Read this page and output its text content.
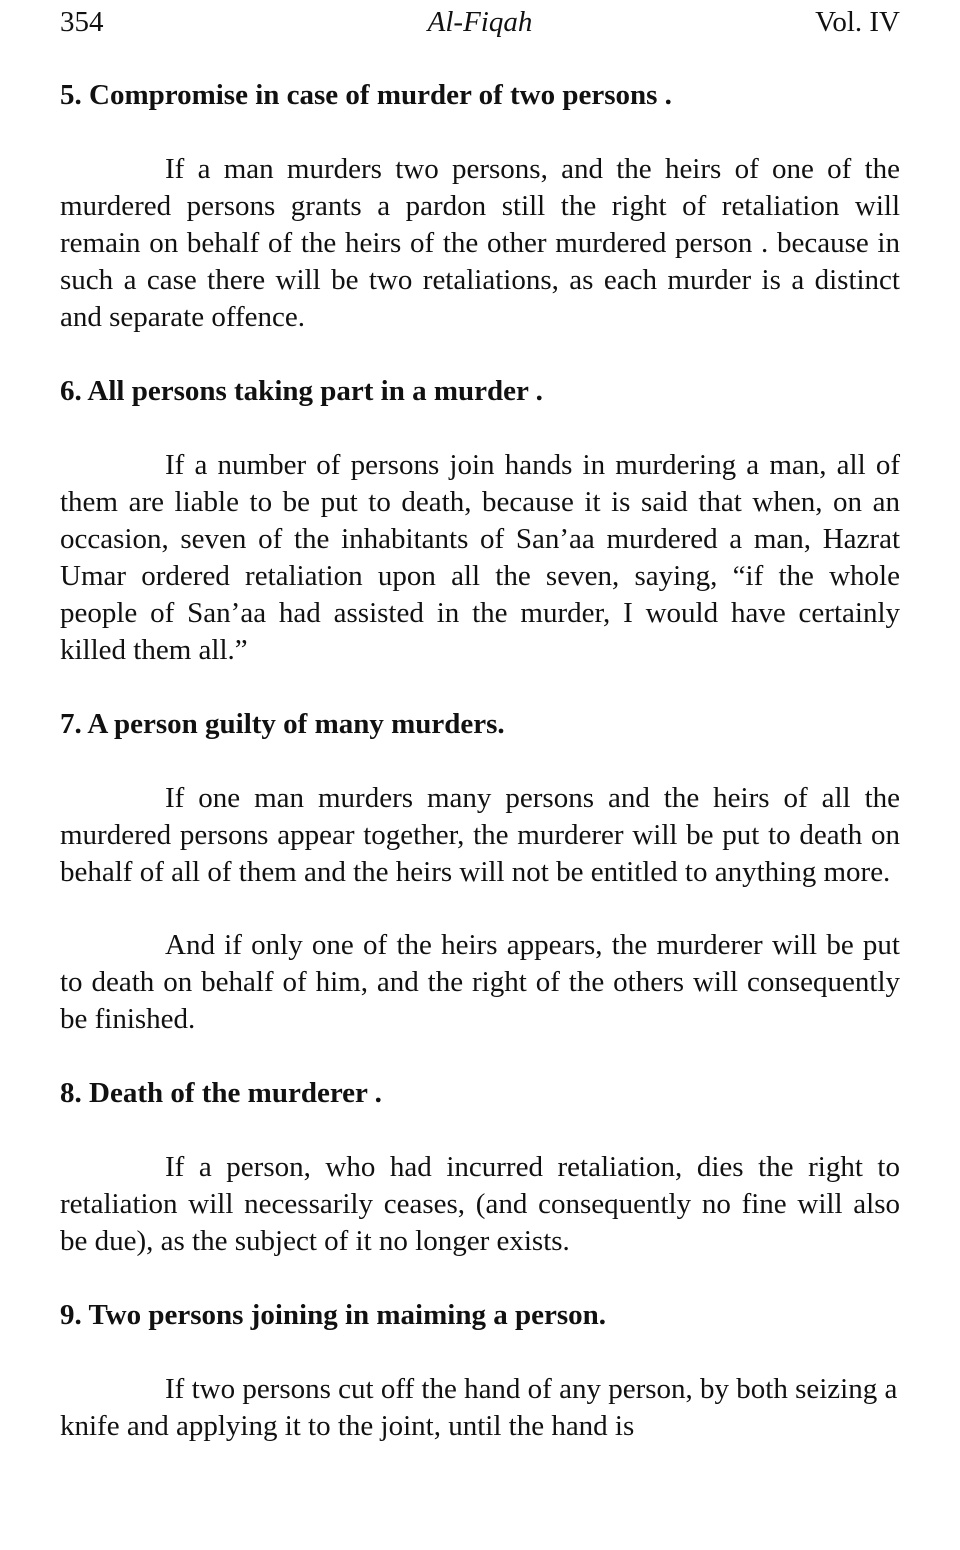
354	Al-Fiqah	Vol. IV
5. Compromise in case of murder of two persons .

If a man murders two persons, and the heirs of one of the murdered persons grants a pardon still the right of retaliation will remain on behalf of the heirs of the other murdered person . because in such a case there will be two retaliations, as each murder is a distinct and separate offence.

6. All persons taking part in a murder .

If a number of persons join hands in murdering a man, all of them are liable to be put to death, because it is said that when, on an occasion, seven of the inhabitants of San’aa murdered a man, Hazrat Umar ordered retaliation upon all the seven, saying, “if the whole people of San’aa had assisted in the murder, I would have certainly killed them all.”

7. A person guilty of many murders.

If one man murders many persons and the heirs of all the murdered persons appear together, the murderer will be put to death on behalf of all of them and the heirs will not be entitled to anything more.

And if only one of the heirs appears, the murderer will be put to death on behalf of him, and the right of the others will consequently be finished.

8. Death of the murderer .

If a person, who had incurred retaliation, dies the right to retaliation will necessarily ceases, (and consequently no fine will also be due), as the subject of it no longer exists.

9. Two persons joining in maiming a person.

If two persons cut off the hand of any person, by both seizing a knife and applying it to the joint, until the hand is
